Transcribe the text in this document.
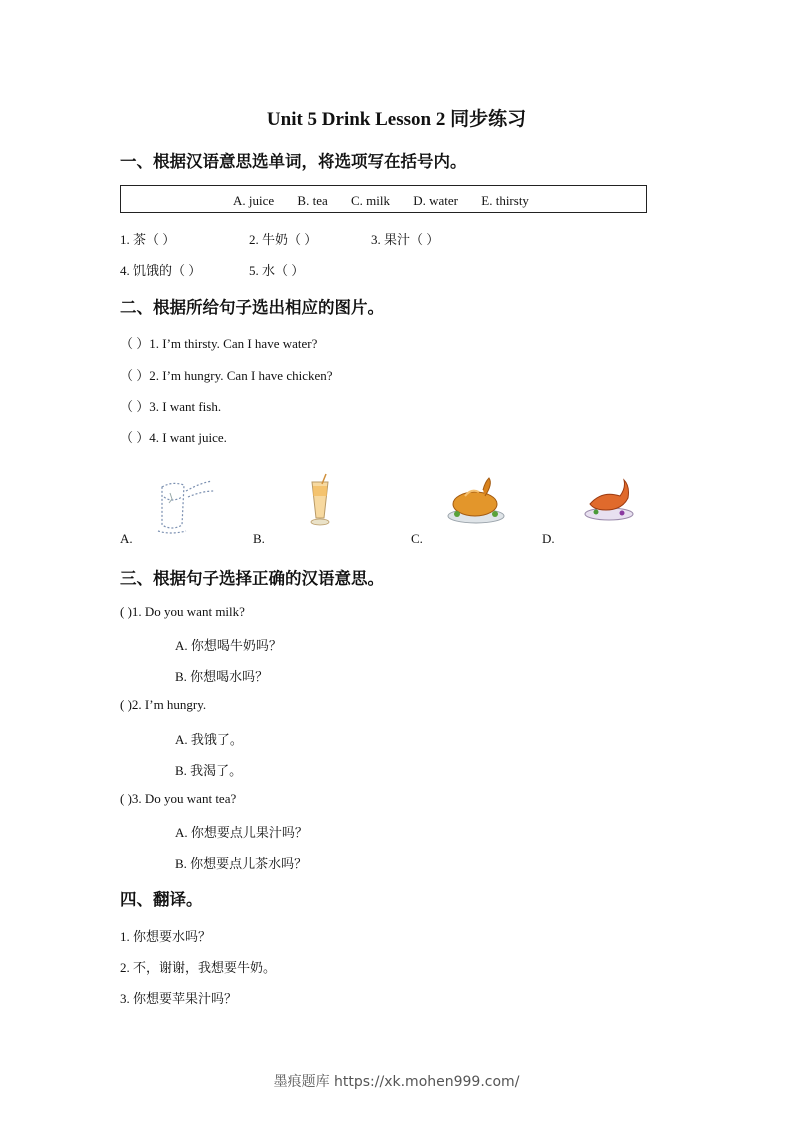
Unit 5 Drink Lesson 2 同步练习
一、根据汉语意思选单词，将选项写在括号内。
A. juice B. tea C. milk D. water E. thirsty
1. 茶（ ）	2. 牛奶（ ）	3. 果汁（ ）
4. 饥饿的（ ）	5. 水（ ）
二、根据所给句子选出相应的图片。
（ ）1. I’m thirsty. Can I have water?
（ ）2. I’m hungry. Can I have chicken?
（ ）3. I want fish.
（ ）4. I want juice.
A.	B.	C.	D.
三、根据句子选择正确的汉语意思。
( )1. Do you want milk?
A. 你想喝牛奶吗？
B. 你想喝水吗？
( )2. I’m hungry.
A. 我饿了。
B. 我渴了。
( )3. Do you want tea?
A. 你想要点儿果汁吗？
B. 你想要点儿茶水吗？
四、翻译。
1. 你想要水吗？
2. 不，谢谢，我想要牛奶。
3. 你想要苹果汁吗？
墨痕题库 https://xk.mohen999.com/
